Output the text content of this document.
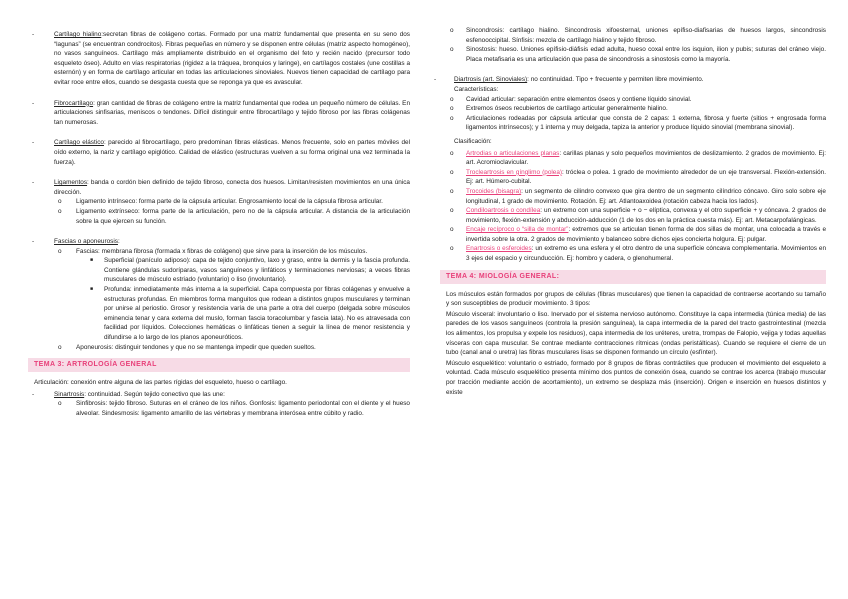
-	Cartílago hialino:secretan fibras de colágeno cortas. Formado por una matriz fundamental que presenta en su seno dos “lagunas” (se encuentran condrocitos). Fibras pequeñas en número y se disponen entre células (matriz aspecto homogéneo), no vasos sanguíneos. Cartílago más ampliamente distribuido en el organismo del feto y recién nacido (precursor todo esqueleto óseo). Adulto en vías respiratorias (rigidez a la tráquea, bronquios y laringe), en cartílagos costales (une costillas a esternón) y en forma de cartílago articular en todas las articulaciones sinoviales. Nuevos tienen capacidad de cartílago para evitar roce entre ellos, cuando se desgasta cuesta que se reponga ya que es avascular.

-	Fibrocartílago: gran cantidad de fibras de colágeno entre la matriz fundamental que rodea un pequeño número de células. En articulaciones sinfisarias, meniscos o tendones. Difícil distinguir entre fibrocartílago y tejido fibroso por las fibras colágenas tan numerosas.

-	Cartílago elástico: parecido al fibrocartílago, pero predominan fibras elásticas. Menos frecuente, solo en partes móviles del oído externo, la nariz y cartílago epiglótico. Calidad de elástico (estructuras vuelven a su forma original una vez terminada la fuerza).

-	Ligamentos: banda o cordón bien definido de tejido fibroso, conecta dos huesos. Limitan/resisten movimientos en una única dirección.

o Ligamento intrínseco: forma parte de la cápsula articular. Engrosamiento local de la cápsula fibrosa articular.

o Ligamento extrínseco: forma parte de la articulación, pero no de la cápsula articular. A distancia de la articulación sobre la que ejercen su función.

-	Fascias o aponeurosis:

o Fascias: membrana fibrosa (formada x fibras de colágeno) que sirve para la inserción de los músculos.

■ Superficial (panículo adiposo): capa de tejido conjuntivo, laxo y graso, entre la dermis y la fascia profunda. Contiene glándulas sudoríparas, vasos sanguíneos y linfáticos y terminaciones nerviosas; a veces fibras musculares de músculo estriado (voluntario) o liso (involuntario).

■ Profunda: inmediatamente más interna a la superficial. Capa compuesta por fibras colágenas y envuelve a estructuras profundas. En miembros forma manguitos que rodean a distintos grupos musculares y terminan por unirse al periostio. Grosor y resistencia varía de una parte a otra del cuerpo (delgada sobre músculos eminencia tenar y cara externa del muslo, forman fascia toracolumbar y fascia lata). No es atravesada con facilidad por líquidos. Colecciones hemáticas o linfáticas tienen a seguir la línea de menor resistencia y difundirse a lo largo de los planos aponeuróticos.

o Aponeurosis: distinguir tendones y que no se mantenga impedir que queden sueltos.

TEMA 3: ARTROLOGÍA GENERAL

Articulación: conexión entre alguna de las partes rígidas del esqueleto, hueso o cartílago.

-	Sinartrosis: continuidad. Según tejido conectivo que las une:

o Sinfibrosis: tejido fibroso. Suturas en el cráneo de los niños. Gonfosis: ligamento periodontal con el diente y el hueso alveolar. Sindesmosis: ligamento amarillo de las vértebras y membrana interósea entre cúbito y radio.

o Sincondrosis: cartílago hialino. Sincondrosis xifoesternal, uniones epífiso-diafisarias de huesos largos, sincondrosis esfenooccipital. Sínfisis: mezcla de cartílago hialino y tejido fibroso.

o Sinostosis: hueso. Uniones epífisio-diáfisis edad adulta, hueso coxal entre los isquion, ilion y pubis; suturas del cráneo viejo. Placa metafisaria es una articulación que pasa de sincondrosis a sinostosis como la mayoría.

-	Diartrosis (art. Sinoviales): no continuidad. Tipo + frecuente y permiten libre movimiento.

Características:

o Cavidad articular: separación entre elementos óseos y contiene líquido sinovial.

o Extremos óseos recubiertos de cartílago articular generalmente hialino.

o Articulaciones rodeadas por cápsula articular que consta de 2 capas: 1 externa, fibrosa y fuerte (sitios + engrosada forma ligamentos intrínsecos); y 1 interna y muy delgada, tapiza la anterior y produce líquido sinovial (membrana sinovial).

Clasificación:

o Artrodias o articulaciones planas: carillas planas y solo pequeños movimientos de deslizamiento. 2 grados de movimiento. Ej: art. Acromioclavicular.

o Trocleartrosis en gínglimo (polea): tróclea o polea. 1 grado de movimiento alrededor de un eje transversal. Flexión-extensión. Ej: art. Húmero-cubital.

o Trocoides (bisagra): un segmento de cilindro convexo que gira dentro de un segmento cilíndrico cóncavo. Giro solo sobre eje longitudinal, 1 grado de movimiento. Rotación. Ej: art. Atlantoaxoidea (rotación cabeza hacia los lados).

o Condiloartrosis o condílea: un extremo con una superficie + o − elíptica, convexa y el otro superficie + y cóncava. 2 grados de movimiento, flexión-extensión y abducción-adducción (1 de los dos en la práctica cuesta más). Ej: art. Metacarpofalángicas.

o Encaje recíproco o “silla de montar”: extremos que se articulan tienen forma de dos sillas de montar, una colocada a través e invertida sobre la otra. 2 grados de movimiento y balanceo sobre dichos ejes concierta holgura. Ej: pulgar.

o Enartrosis o esferoides: un extremo es una esfera y el otro dentro de una superficie cóncava complementaria. Movimientos en 3 ejes del espacio y circunducción. Ej: hombro y cadera, o glenohumeral.

TEMA 4: MIOLOGÍA GENERAL:

Los músculos están formados por grupos de células (fibras musculares) que tienen la capacidad de contraerse acortando su tamaño y son susceptibles de producir movimiento. 3 tipos:

Músculo visceral: involuntario o liso. Inervado por el sistema nervioso autónomo. Constituye la capa intermedia (túnica media) de las paredes de los vasos sanguíneos (controla la presión sanguínea), la capa intermedia de la pared del tracto gastrointestinal (mezcla los alimentos, los propulsa y expele los residuos), capa intermedia de los uréteres, uretra, trompas de Falopio, vejiga y todas aquellas vísceras con capa muscular. Se contrae mediante contracciones rítmicas (ondas peristálticas). Cuando se requiere el cierre de un tubo (canal anal o uretra) las fibras musculares lisas se disponen formando un círculo (esfínter).

Músculo esquelético: voluntario o estriado, formado por 8 grupos de fibras contráctiles que producen el movimiento del esqueleto a voluntad. Cada músculo esquelético presenta mínimo dos puntos de conexión ósea, cuando se contrae los acerca (trabajo muscular por tracción mediante acción de acortamiento), un extremo se desplaza más (inserción). Origen e inserción en huesos distintos y existe
